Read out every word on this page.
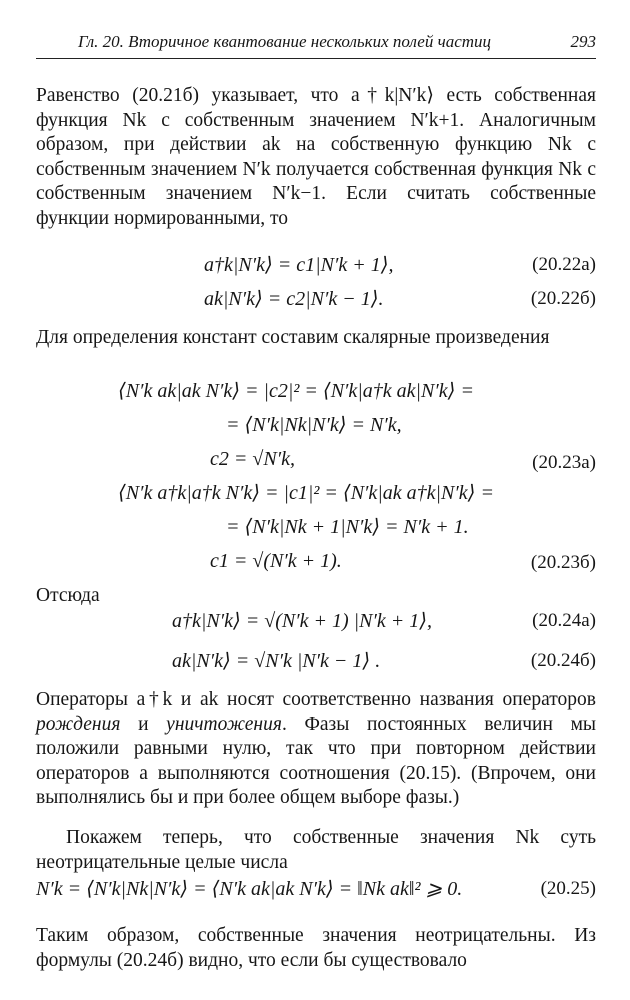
Гл. 20. Вторичное квантование нескольких полей частиц	293
Равенство (20.21б) указывает, что a†k|N′k⟩ есть собственная функция Nk с собственным значением N′k+1. Аналогичным образом, при действии ak на собственную функцию Nk с собственным значением N′k получается собственная функция Nk с собственным значением N′k−1. Если считать собственные функции нормированными, то
a†k|N′k⟩ = c1|N′k + 1⟩,	(20.22а)
ak|N′k⟩ = c2|N′k − 1⟩.	(20.22б)
Для определения констант составим скалярные произведения
⟨N′k ak|ak N′k⟩ = |c2|² = ⟨N′k|a†k ak|N′k⟩ =
= ⟨N′k|Nk|N′k⟩ = N′k,
c2 = √N′k,	(20.23а)
⟨N′k a†k|a†k N′k⟩ = |c1|² = ⟨N′k|ak a†k|N′k⟩ =
= ⟨N′k|Nk + 1|N′k⟩ = N′k + 1.
c1 = √(N′k + 1).	(20.23б)
Отсюда
a†k|N′k⟩ = √(N′k + 1) |N′k + 1⟩,	(20.24а)
ak|N′k⟩ = √N′k |N′k − 1⟩ .	(20.24б)
Операторы a†k и ak носят соответственно названия операторов рождения и уничтожения. Фазы постоянных величин мы положили равными нулю, так что при повторном действии операторов a выполняются соотношения (20.15). (Впрочем, они выполнялись бы и при более общем выборе фазы.)
Покажем теперь, что собственные значения Nk суть неотрицательные целые числа
N′k = ⟨N′k|Nk|N′k⟩ = ⟨N′k ak|ak N′k⟩ = ‖Nk ak‖² ⩾ 0.	(20.25)
Таким образом, собственные значения неотрицательны. Из формулы (20.24б) видно, что если бы существовало
